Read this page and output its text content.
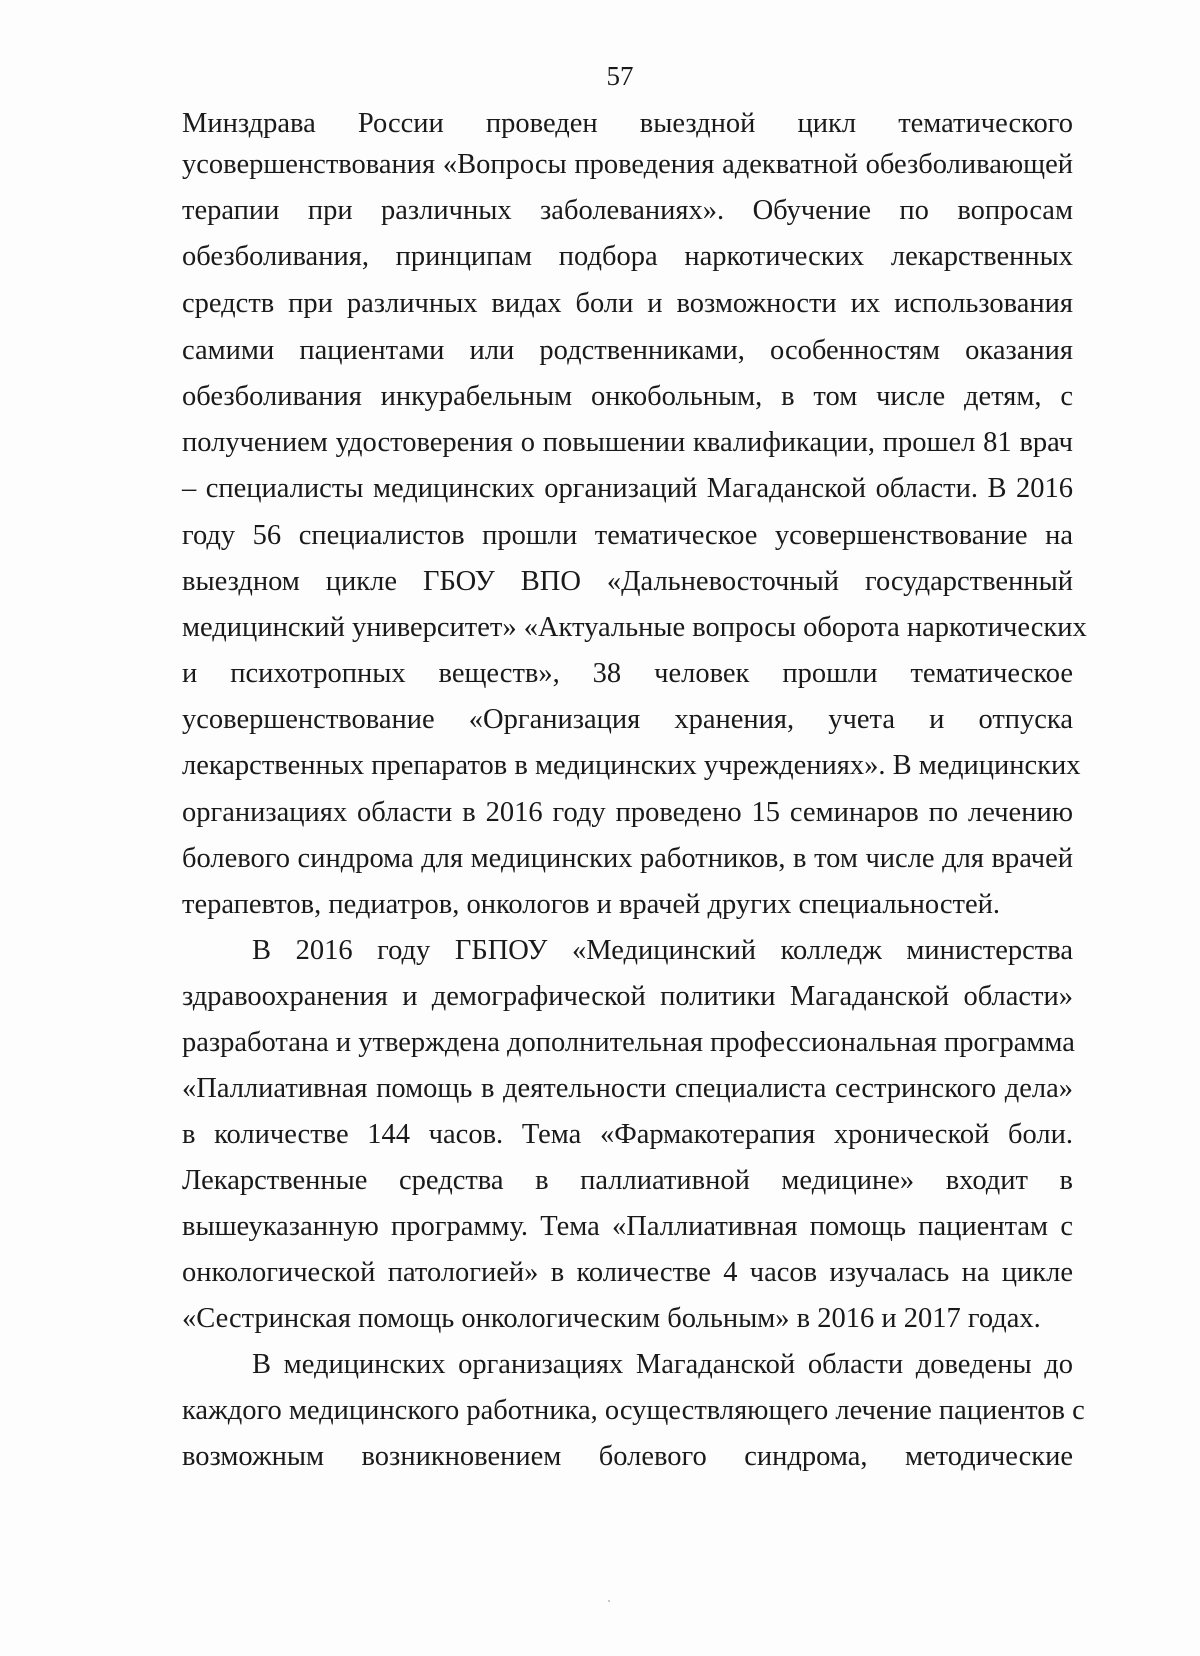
57
Минздрава России проведен выездной цикл тематического
усовершенствования «Вопросы проведения адекватной обезболивающей
терапии при различных заболеваниях». Обучение по вопросам
обезболивания, принципам подбора наркотических лекарственных
средств при различных видах боли и возможности их использования
самими пациентами или родственниками, особенностям оказания
обезболивания инкурабельным онкобольным, в том числе детям, с
получением удостоверения о повышении квалификации, прошел 81 врач
– специалисты медицинских организаций Магаданской области. В 2016
году 56 специалистов прошли тематическое усовершенствование на
выездном цикле ГБОУ ВПО «Дальневосточный государственный
медицинский университет» «Актуальные вопросы оборота наркотических
и психотропных веществ», 38 человек прошли тематическое
усовершенствование «Организация хранения, учета и отпуска
лекарственных препаратов в медицинских учреждениях». В медицинских
организациях области в 2016 году проведено 15 семинаров по лечению
болевого синдрома для медицинских работников, в том числе для врачей
терапевтов, педиатров, онкологов и врачей других специальностей.
В 2016 году ГБПОУ «Медицинский колледж министерства
здравоохранения и демографической политики Магаданской области»
разработана и утверждена дополнительная профессиональная программа
«Паллиативная помощь в деятельности специалиста сестринского дела»
в количестве 144 часов. Тема «Фармакотерапия хронической боли.
Лекарственные средства в паллиативной медицине» входит в
вышеуказанную программу. Тема «Паллиативная помощь пациентам с
онкологической патологией» в количестве 4 часов изучалась на цикле
«Сестринская помощь онкологическим больным» в 2016 и 2017 годах.
В медицинских организациях Магаданской области доведены до
каждого медицинского работника, осуществляющего лечение пациентов с
возможным возникновением болевого синдрома, методические
